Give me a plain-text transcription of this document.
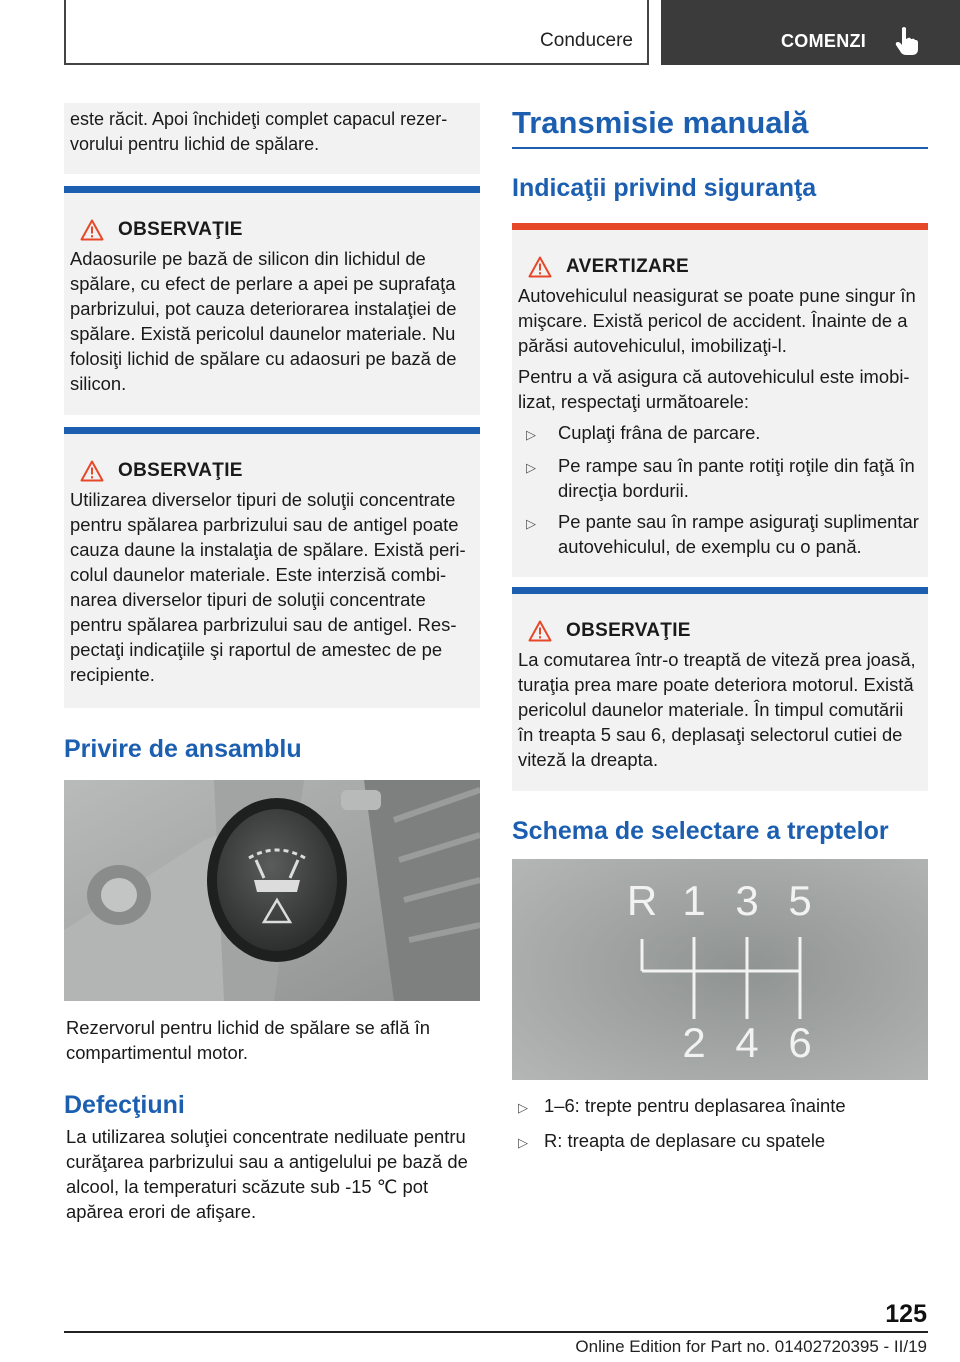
Conducere	COMENZI

este răcit. Apoi închideţi complet capacul rezervorului pentru lichid de spălare.

OBSERVAŢIE

Adaosurile pe bază de silicon din lichidul de spălare, cu efect de perlare a apei pe suprafaţa parbrizului, pot cauza deteriorarea instalaţiei de spălare. Există pericolul daunelor materiale. Nu folosiţi lichid de spălare cu adaosuri pe bază de silicon.

OBSERVAŢIE

Utilizarea diverselor tipuri de soluţii concentrate pentru spălarea parbrizului sau de antigel poate cauza daune la instalaţia de spălare. Există pericolul daunelor materiale. Este interzisă combinarea diverselor tipuri de soluţii concentrate pentru spălarea parbrizului sau de antigel. Respectaţi indicaţiile şi raportul de amestec de pe recipiente.

Privire de ansamblu

Rezervorul pentru lichid de spălare se află în compartimentul motor.

Defecţiuni

La utilizarea soluţiei concentrate nediluate pentru curăţarea parbrizului sau a antigelului pe bază de alcool, la temperaturi scăzute sub -15 ℃ pot apărea erori de afişare.

Transmisie manuală
Indicaţii privind siguranţa
AVERTIZARE

Autovehiculul neasigurat se poate pune singur în mişcare. Există pericol de accident. Înainte de a părăsi autovehiculul, imobilizaţi-l.

Pentru a vă asigura că autovehiculul este imobilizat, respectaţi următoarele:

▷	Cuplaţi frâna de parcare.
▷	Pe rampe sau în pante rotiţi roţile din faţă în direcţia bordurii.
▷	Pe pante sau în rampe asiguraţi suplimentar autovehiculul, de exemplu cu o pană.
OBSERVAŢIE

La comutarea într-o treaptă de viteză prea joasă, turaţia prea mare poate deteriora motorul. Există pericolul daunelor materiale. În timpul comutării în treapta 5 sau 6, deplasaţi selectorul cutiei de viteză la dreapta.

Schema de selectare a treptelor
R 1 3 5
2 4 6
▷ 1–6: trepte pentru deplasarea înainte
▷ R: treapta de deplasare cu spatele
125
Online Edition for Part no. 01402720395 - II/19
